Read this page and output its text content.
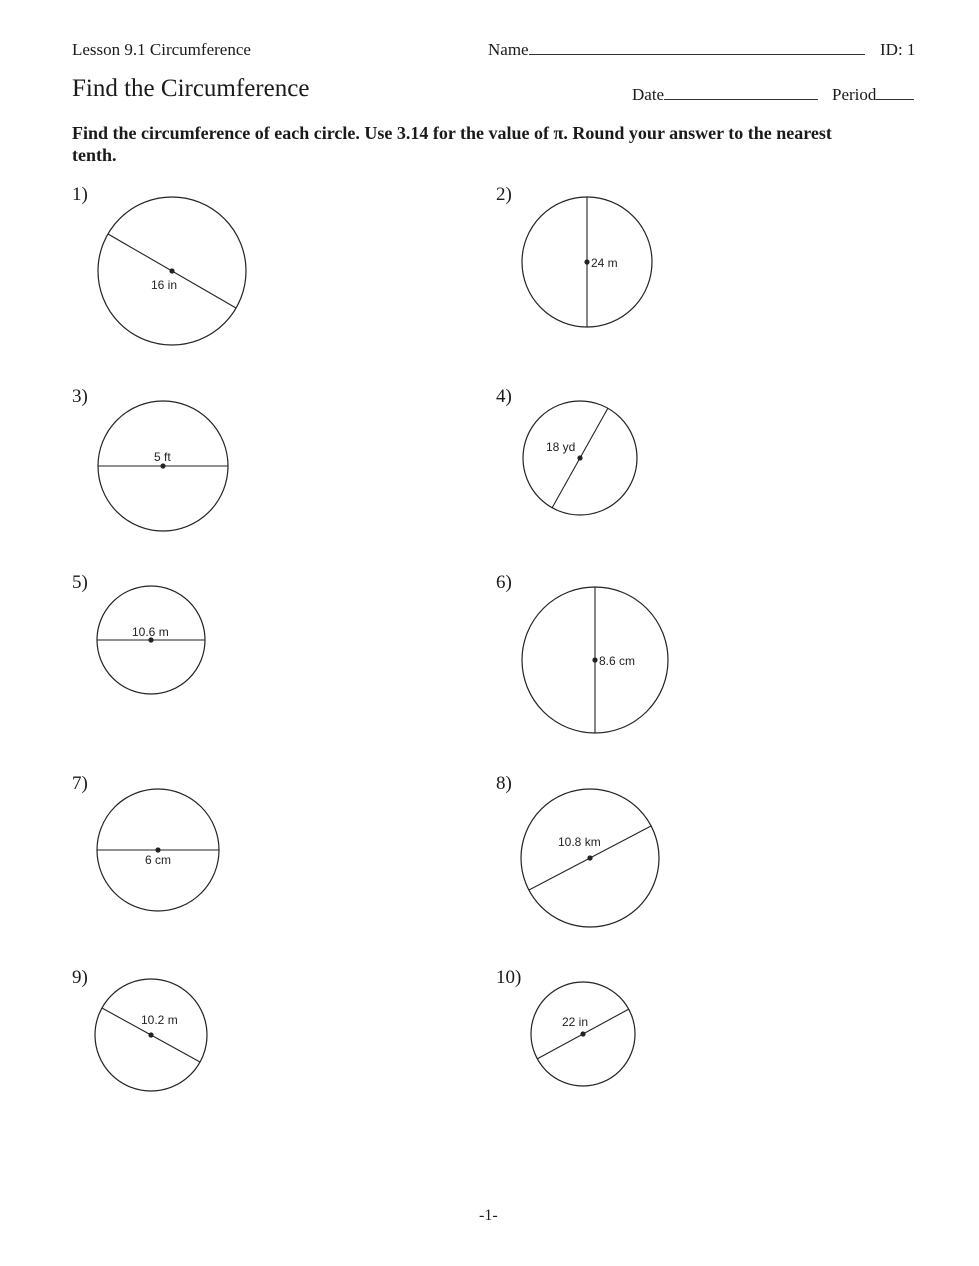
Lesson 9.1 Circumference	Name	ID: 1
Find the Circumference	Date	Period
Find the circumference of each circle. Use 3.14 for the value of π. Round your answer to the nearest tenth.
1)	2)
3)	4)
5)	6)
7)	8)
9)	10)
16 in
24 m
5 ft
18 yd
10.6 m
8.6 cm
6 cm
10.8 km
10.2 m	22 in
-1-
